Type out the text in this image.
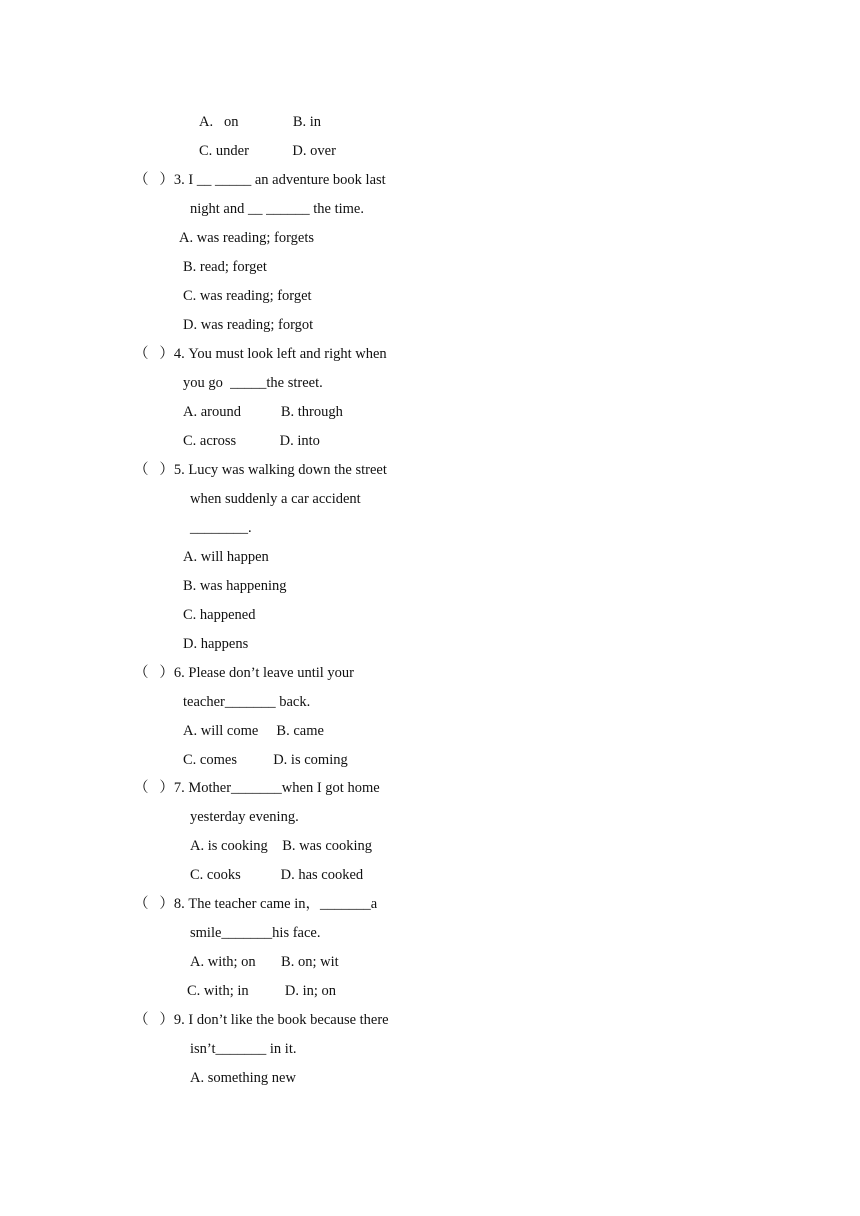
A.   on               B. in
C. under            D. over
（   ）3. I __ _____ an adventure book last
night and __ ______ the time.
A. was reading; forgets
B. read; forget
C. was reading; forget
D. was reading; forgot
（   ）4. You must look left and right when
you go  _____the street.
A. around           B. through
C. across            D. into
（   ）5. Lucy was walking down the street
when suddenly a car accident
________.
A. will happen
B. was happening
C. happened
D. happens
（   ）6. Please don’t leave until your
teacher_______ back.
A. will come     B. came
C. comes          D. is coming
（   ）7. Mother_______when I got home
yesterday evening.
A. is cooking    B. was cooking
C. cooks           D. has cooked
（   ）8. The teacher came in，_______a
smile_______his face.
A. with; on       B. on; wit
C. with; in          D. in; on
（   ）9. I don’t like the book because there
isn’t_______ in it.
A. something new
